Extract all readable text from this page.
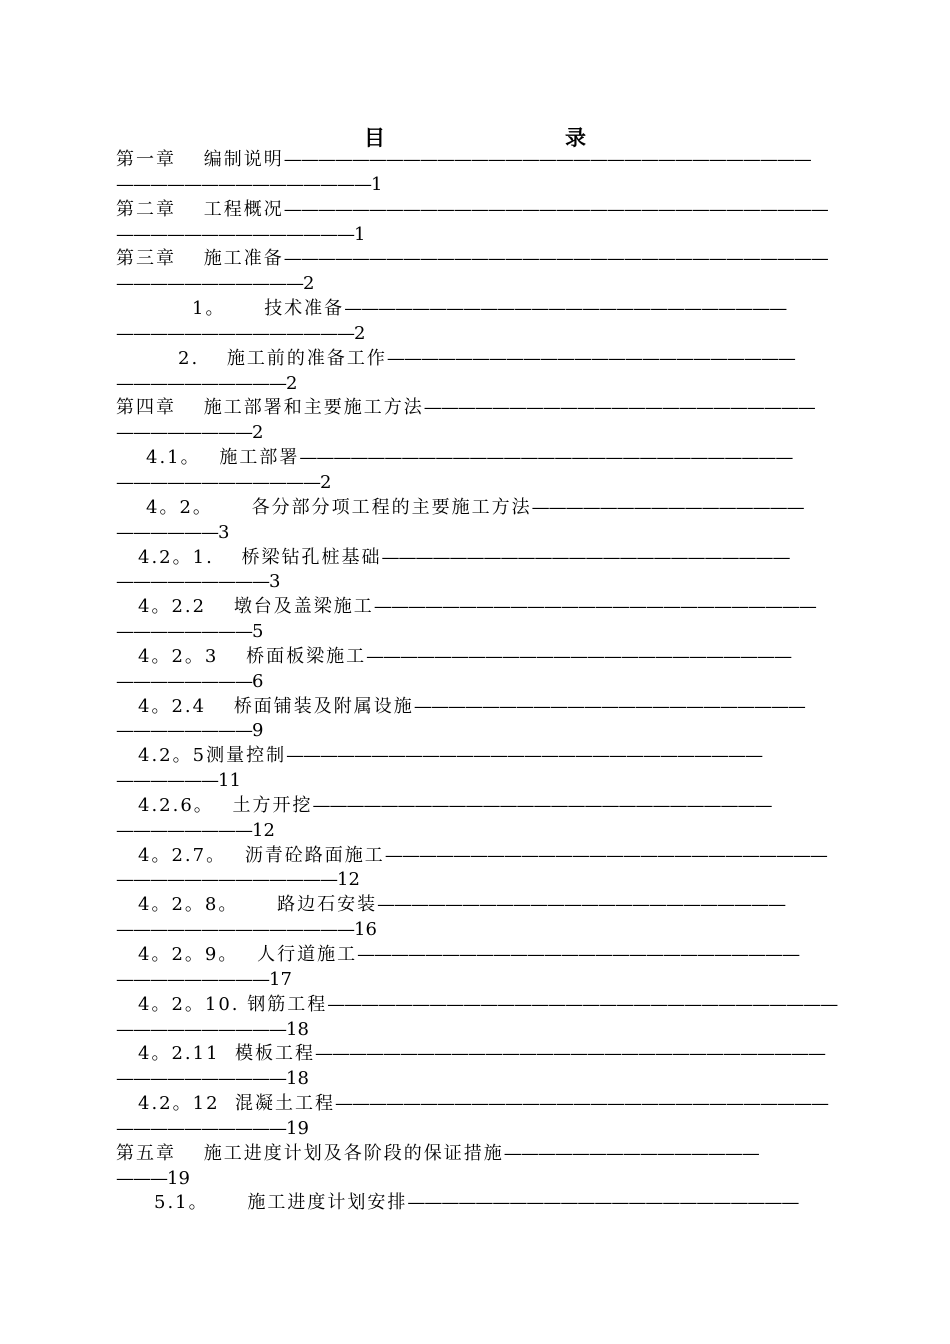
目	录
第一章　 编制说明———————————————————————————————
———————————————1
第二章　 工程概况————————————————————————————————
——————————————1
第三章　 施工准备————————————————————————————————
———————————2
1。　　	技术准备——————————————————————————
——————————————2
2.　 施工前的准备工作————————————————————————
——————————2
第四章　 施工部署和主要施工方法———————————————————————
————————2
4.1。　 施工部署—————————————————————————————
————————————2
4。2。　　	各分部分项工程的主要施工方法————————————————
——————3
4.2。1.　 桥梁钻孔桩基础————————————————————————
—————————3
4。2.2　 墩台及盖梁施工——————————————————————————
————————5
4。2。3　 桥面板梁施工—————————————————————————
————————6
4。2.4　 桥面铺装及附属设施———————————————————————
————————9
4.2。5测量控制————————————————————————————
——————11
4.2.6。　 土方开挖———————————————————————————
————————12
4。2.7。　 沥青砼路面施工——————————————————————————
—————————————12
4。2。8。　　	路边石安装————————————————————————
——————————————16
4。2。9。　 人行道施工——————————————————————————
—————————17
4。2。10. 钢筋工程——————————————————————————————
——————————18
4。2.11 模板工程——————————————————————————————
——————————18
4.2。12 混凝土工程—————————————————————————————
——————————19
第五章　 施工进度计划及各阶段的保证措施———————————————
———19
5.1。　　	施工进度计划安排———————————————————————
